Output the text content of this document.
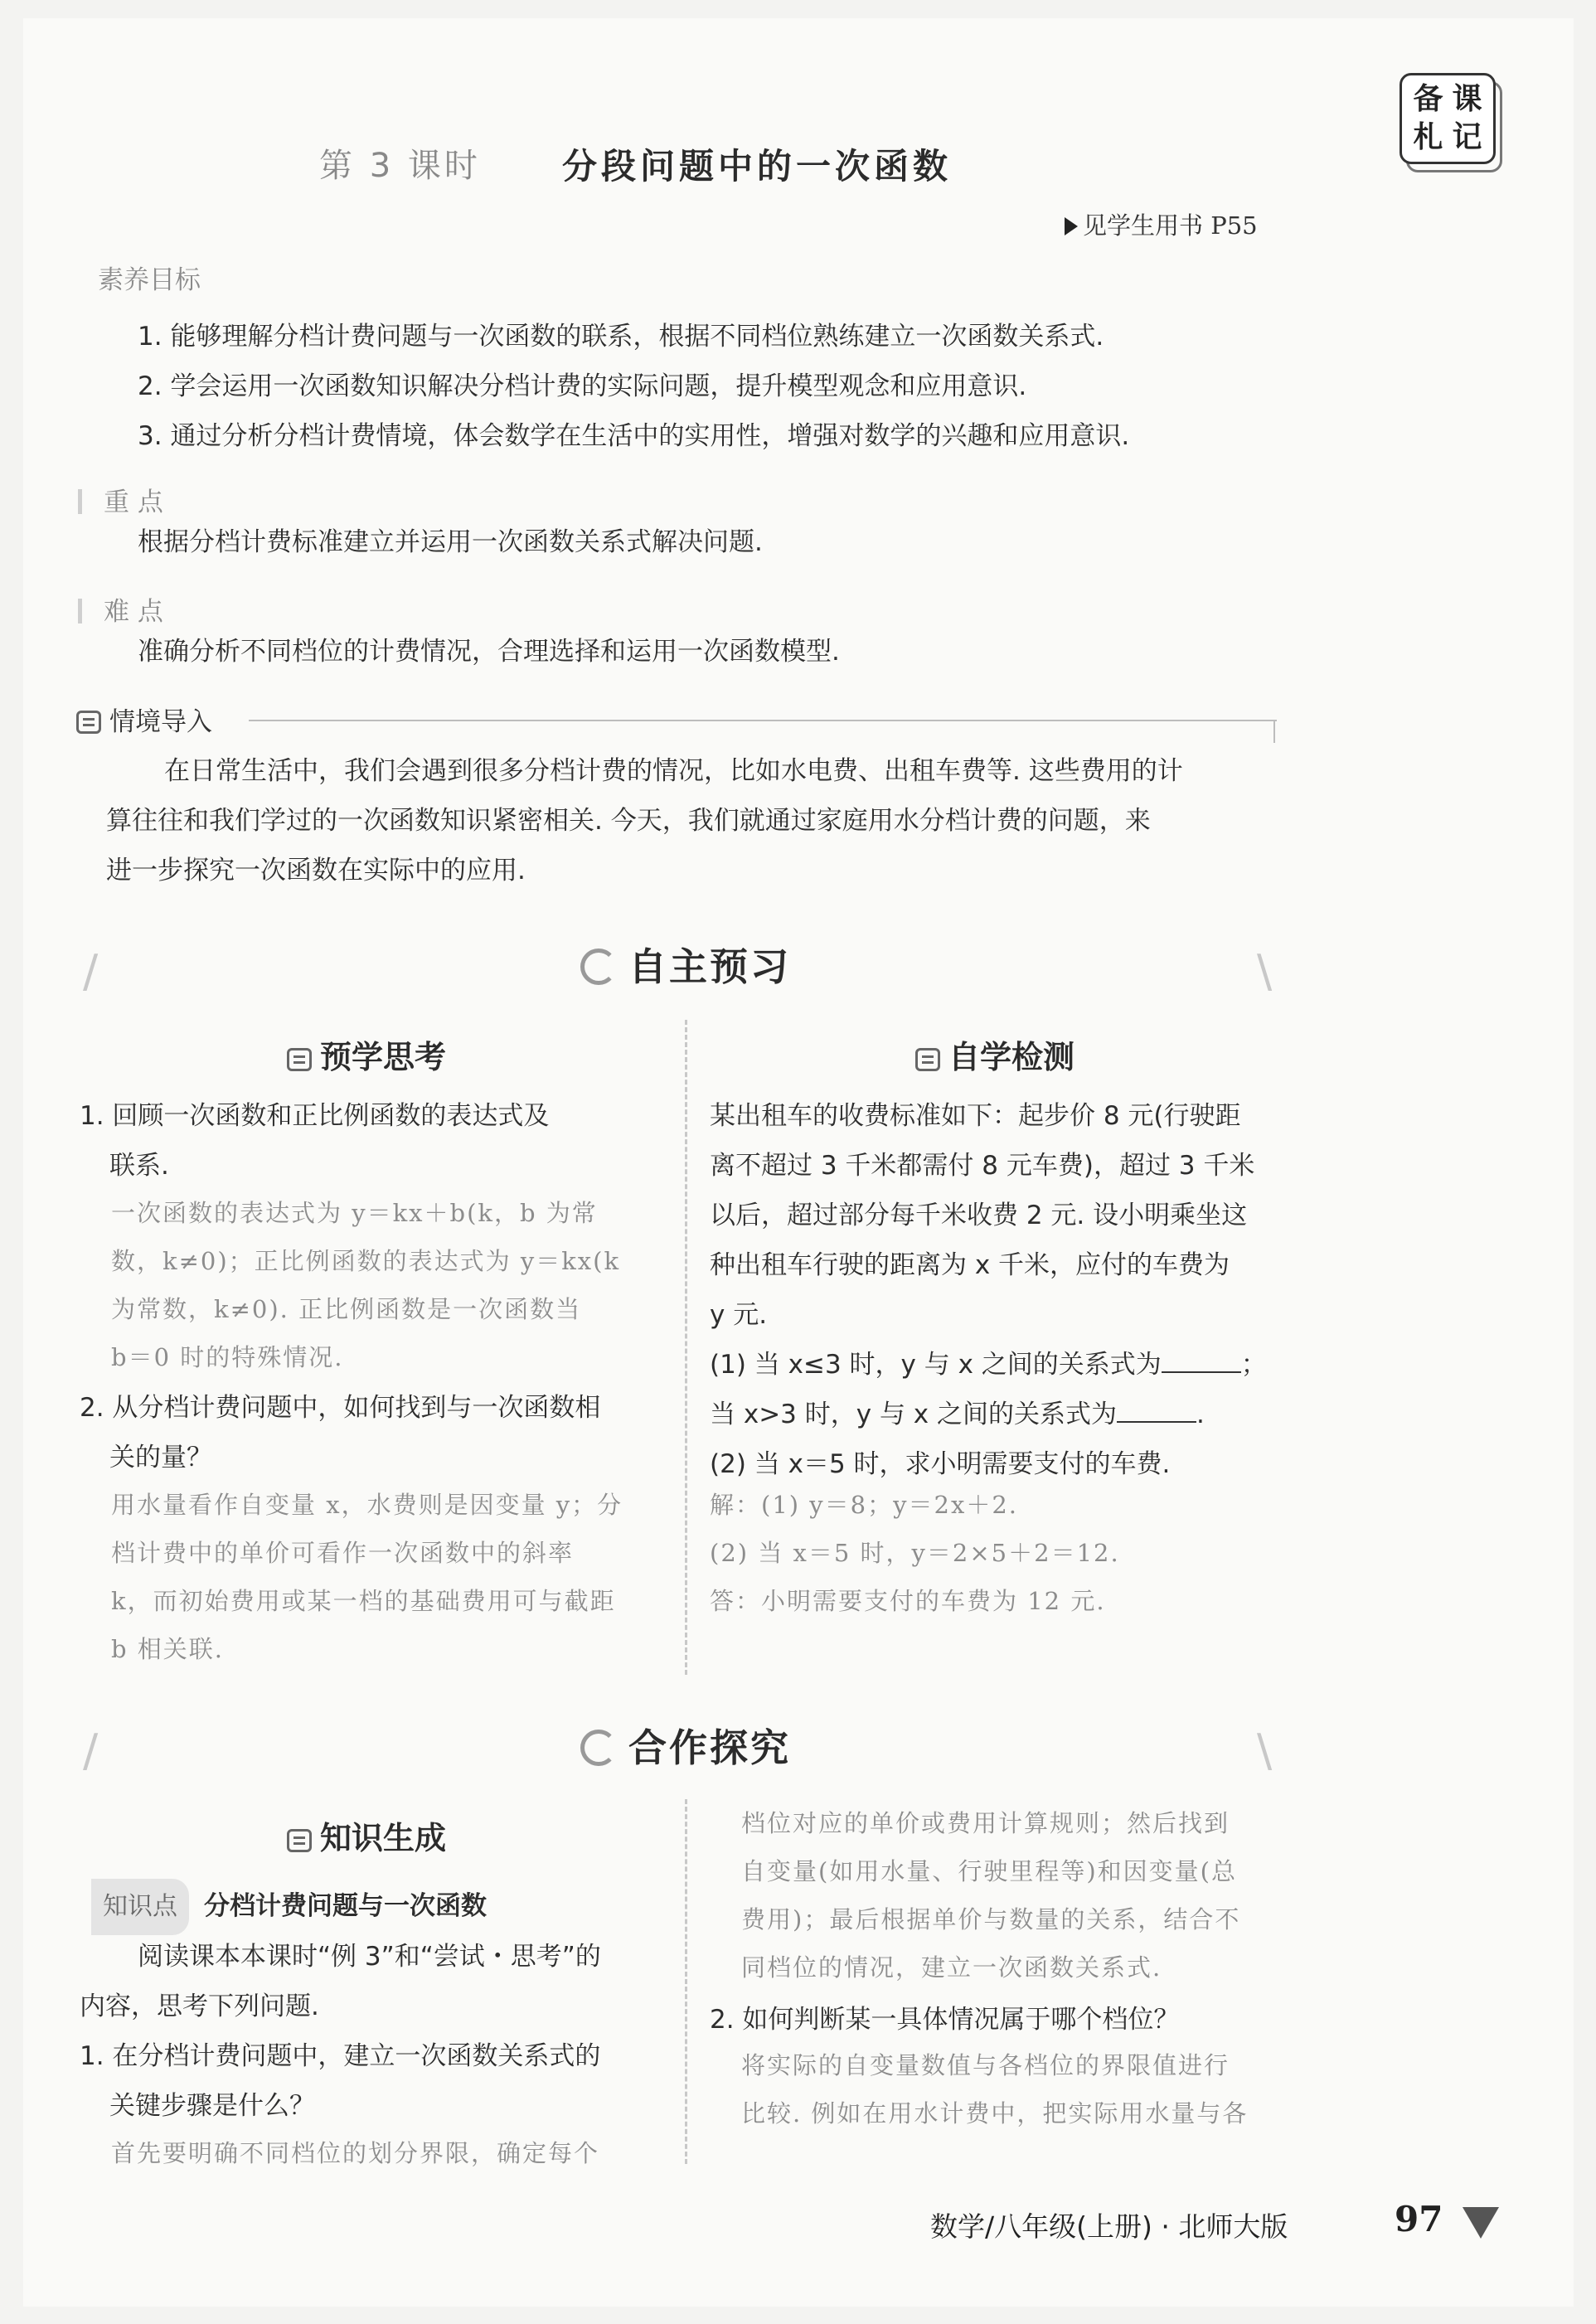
备 课
札 记
第 3 课时 分段问题中的一次函数
见学生用书 P55
素养目标
1. 能够理解分档计费问题与一次函数的联系，根据不同档位熟练建立一次函数关系式.
2. 学会运用一次函数知识解决分档计费的实际问题，提升模型观念和应用意识.
3. 通过分析分档计费情境，体会数学在生活中的实用性，增强对数学的兴趣和应用意识.
重 点
根据分档计费标准建立并运用一次函数关系式解决问题.
难 点
准确分析不同档位的计费情况，合理选择和运用一次函数模型.
情境导入
在日常生活中，我们会遇到很多分档计费的情况，比如水电费、出租车费等. 这些费用的计
算往往和我们学过的一次函数知识紧密相关. 今天，我们就通过家庭用水分档计费的问题，来
进一步探究一次函数在实际中的应用.
/	\
自主预习
预学思考	自学检测
1. 回顾一次函数和正比例函数的表达式及
联系.
一次函数的表达式为 y＝kx＋b(k，b 为常
数，k≠0)；正比例函数的表达式为 y＝kx(k
为常数，k≠0). 正比例函数是一次函数当
b＝0 时的特殊情况.
2. 从分档计费问题中，如何找到与一次函数相
关的量？
用水量看作自变量 x，水费则是因变量 y；分
档计费中的单价可看作一次函数中的斜率
k，而初始费用或某一档的基础费用可与截距
b 相关联.
某出租车的收费标准如下：起步价 8 元(行驶距
离不超过 3 千米都需付 8 元车费)，超过 3 千米
以后，超过部分每千米收费 2 元. 设小明乘坐这
种出租车行驶的距离为 x 千米，应付的车费为
y 元.
(1) 当 x≤3 时，y 与 x 之间的关系式为	；
当 x>3 时，y 与 x 之间的关系式为	.
(2) 当 x＝5 时，求小明需要支付的车费.
解：(1) y＝8；y＝2x＋2.
(2) 当 x＝5 时，y＝2×5＋2＝12.
答：小明需要支付的车费为 12 元.
/	\
合作探究
知识生成
知识点 分档计费问题与一次函数
阅读课本本课时“例 3”和“尝试・思考”的
内容，思考下列问题.
1. 在分档计费问题中，建立一次函数关系式的
关键步骤是什么？
首先要明确不同档位的划分界限，确定每个
档位对应的单价或费用计算规则；然后找到
自变量(如用水量、行驶里程等)和因变量(总
费用)；最后根据单价与数量的关系，结合不
同档位的情况，建立一次函数关系式.
2. 如何判断某一具体情况属于哪个档位？
将实际的自变量数值与各档位的界限值进行
比较. 例如在用水计费中，把实际用水量与各
数学/八年级(上册) · 北师大版	97
